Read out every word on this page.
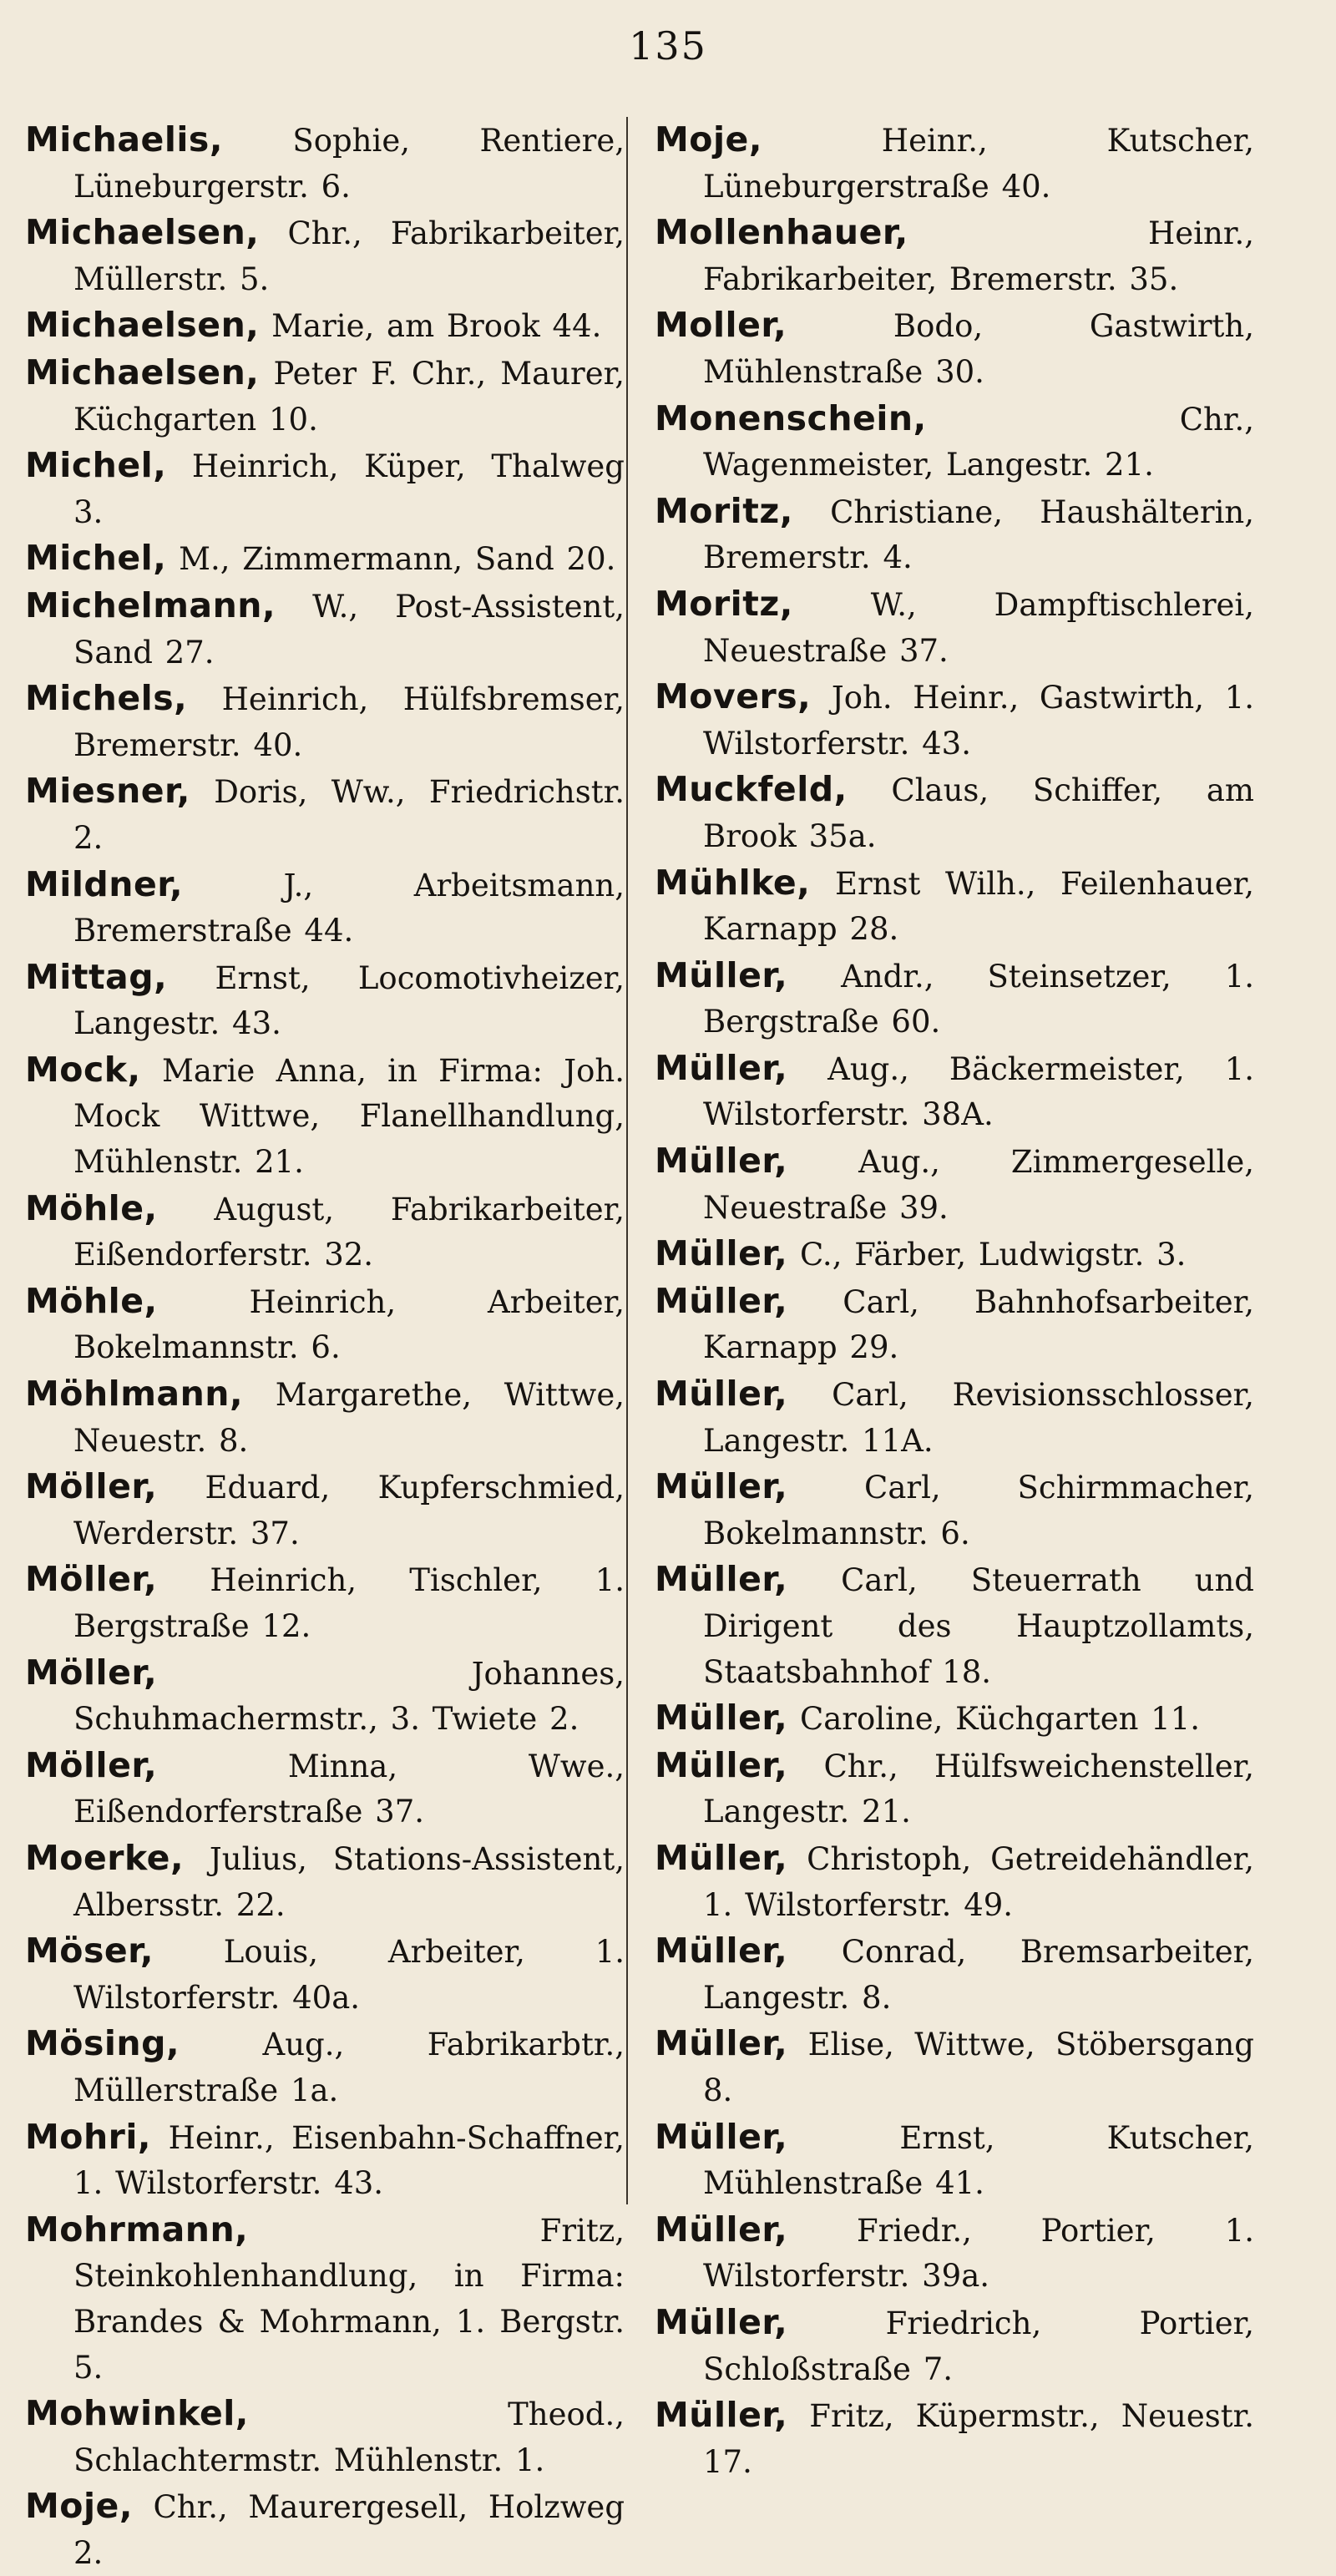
135

Michaelis, Sophie, Rentiere, Lüneburgerstr. 6.

Michaelsen, Chr., Fabrikarbeiter, Müllerstr. 5.

Michaelsen, Marie, am Brook 44.

Michaelsen, Peter F. Chr., Maurer, Küchgarten 10.

Michel, Heinrich, Küper, Thalweg 3.

Michel, M., Zimmermann, Sand 20.

Michelmann, W., Post-Assistent, Sand 27.

Michels, Heinrich, Hülfsbremser, Bremerstr. 40.

Miesner, Doris, Ww., Friedrichstr. 2.

Mildner,	J., Arbeitsmann, Bremerstraße 44.

Mittag, Ernst, Locomotivheizer, Langestr. 43.

Mock, Marie Anna, in Firma: Joh. Mock Wittwe, Flanellhandlung, Mühlenstr. 21.

Möhle, August, Fabrikarbeiter, Eißendorferstr. 32.

Möhle,	Heinrich, Arbeiter, Bokelmannstr. 6.

Möhlmann, Margarethe, Wittwe, Neuestr. 8.

Möller, Eduard, Kupferschmied, Werderstr. 37.

Möller, Heinrich, Tischler, 1. Bergstraße 12.

Möller,	Johannes, Schuhmachermstr., 3. Twiete 2.

Möller,	Minna, Wwe., Eißendorferstraße 37.

Moerke, Julius, Stations-Assistent, Albersstr. 22.

Möser, Louis, Arbeiter, 1. Wilstorferstr. 40a.

Mösing,	Aug., Fabrikarbtr., Müllerstraße 1a.

Mohri, Heinr., Eisenbahn-Schaffner, 1. Wilstorferstr. 43.

Mohrmann,	Fritz, Steinkohlenhandlung, in Firma: Brandes & Mohrmann, 1. Bergstr. 5.

Mohwinkel,	Theod., Schlachtermstr. Mühlenstr. 1.

Moje, Chr., Maurergesell, Holzweg 2.

Moje,	Heinr., Kutscher, Lüneburgerstraße 40.

Mollenhauer,	Heinr., Fabrikarbeiter, Bremerstr. 35.

Moller,	Bodo, Gastwirth, Mühlenstraße 30.

Monenschein,	Chr., Wagenmeister, Langestr. 21.

Moritz, Christiane, Haushälterin, Bremerstr. 4.

Moritz,	W., Dampftischlerei, Neuestraße 37.

Movers, Joh. Heinr., Gastwirth, 1. Wilstorferstr. 43.

Muckfeld, Claus, Schiffer, am Brook 35a.

Mühlke, Ernst Wilh., Feilenhauer, Karnapp 28.

Müller, Andr., Steinsetzer, 1. Bergstraße 60.

Müller, Aug., Bäckermeister, 1. Wilstorferstr. 38A.

Müller, Aug., Zimmergeselle, Neuestraße 39.

Müller, C., Färber, Ludwigstr. 3.

Müller, Carl, Bahnhofsarbeiter, Karnapp 29.

Müller, Carl, Revisionsschlosser, Langestr. 11A.

Müller, Carl, Schirmmacher, Bokelmannstr. 6.

Müller, Carl, Steuerrath und Dirigent des Hauptzollamts, Staatsbahnhof 18.

Müller, Caroline, Küchgarten 11.

Müller, Chr., Hülfsweichensteller, Langestr. 21.

Müller, Christoph, Getreidehändler, 1. Wilstorferstr. 49.

Müller, Conrad, Bremsarbeiter, Langestr. 8.

Müller, Elise, Wittwe, Stöbersgang 8.

Müller,	Ernst, Kutscher, Mühlenstraße 41.

Müller, Friedr., Portier, 1. Wilstorferstr. 39a.

Müller,	Friedrich, Portier, Schloßstraße 7.

Müller, Fritz, Küpermstr., Neuestr. 17.
